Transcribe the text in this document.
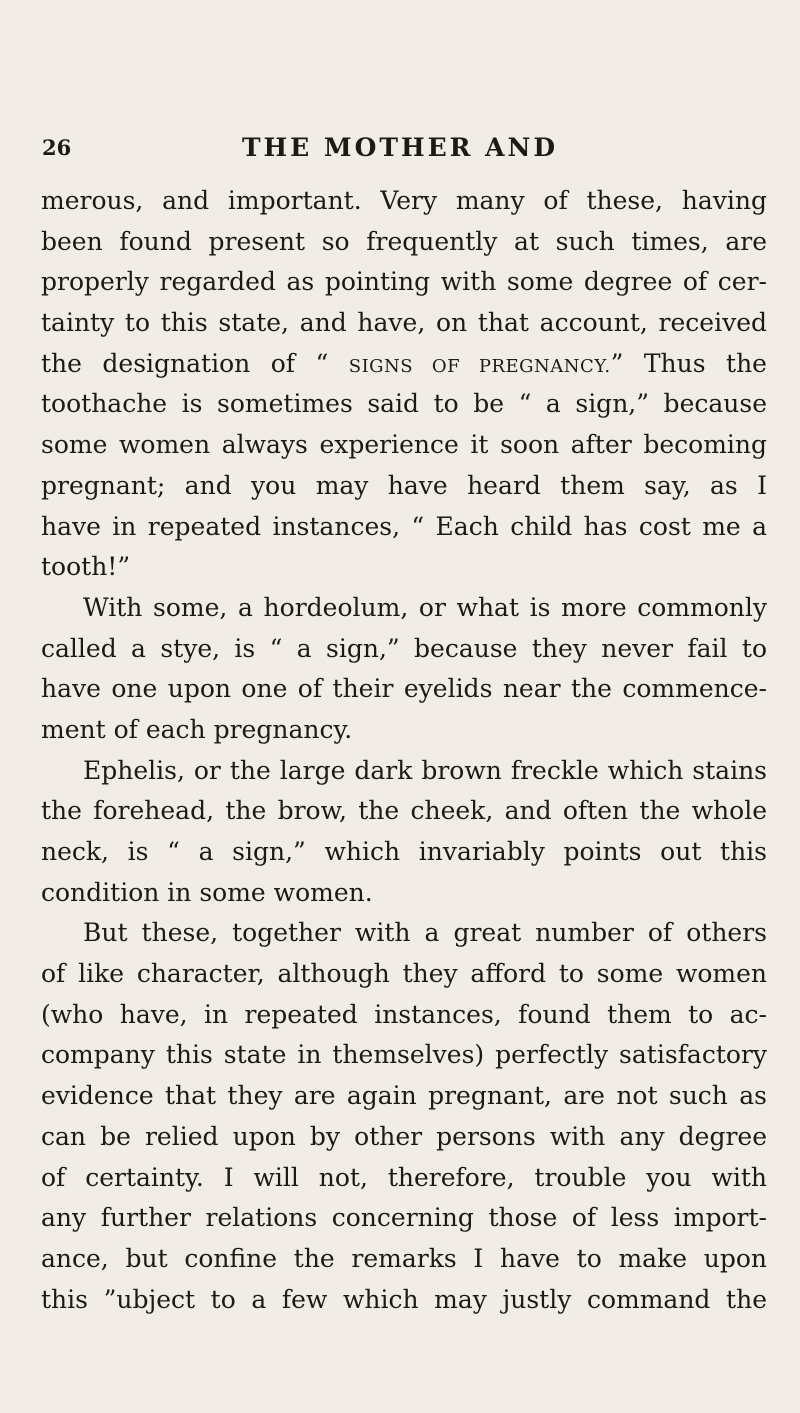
26	THE MOTHER AND
merous, and important. Very many of these, having
been found present so frequently at such times, are
properly regarded as pointing with some degree of cer-
tainty to this state, and have, on that account, received
the designation of “ SIGNS OF PREGNANCY.” Thus the
toothache is sometimes said to be “ a sign,” because
some women always experience it soon after becoming
pregnant; and you may have heard them say, as I
have in repeated instances, “ Each child has cost me a
tooth!”
With some, a hordeolum, or what is more commonly
called a stye, is “ a sign,” because they never fail to
have one upon one of their eyelids near the commence-
ment of each pregnancy.
Ephelis, or the large dark brown freckle which stains
the forehead, the brow, the cheek, and often the whole
neck, is “ a sign,” which invariably points out this
condition in some women.
But these, together with a great number of others
of like character, although they afford to some women
(who have, in repeated instances, found them to ac-
company this state in themselves) perfectly satisfactory
evidence that they are again pregnant, are not such as
can be relied upon by other persons with any degree
of certainty. I will not, therefore, trouble you with
any further relations concerning those of less import-
ance, but confine the remarks I have to make upon
this ”ubject to a few which may justly command the
